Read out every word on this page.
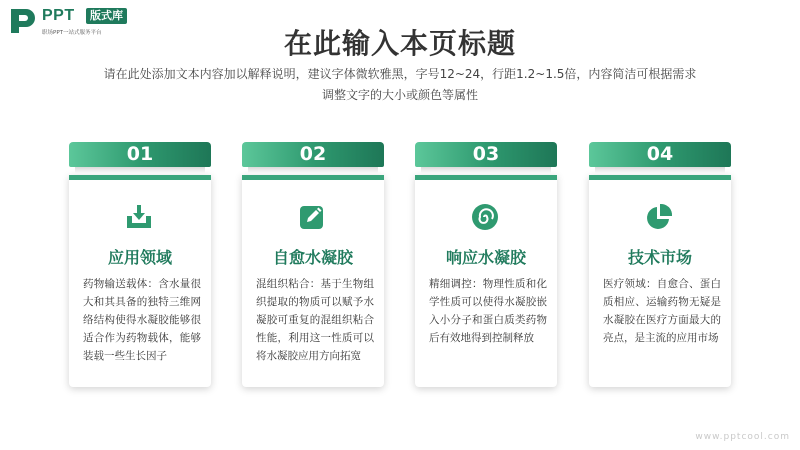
PPT	版式库
职场PPT一站式服务平台	在此输入本页标题
请在此处添加文本内容加以解释说明，建议字体微软雅黑，字号12~24，行距1.2~1.5倍，内容简洁可根据需求调整文字的大小或颜色等属性
01
应用领域
药物输送载体：含水量很大和其具备的独特三维网络结构使得水凝胶能够很适合作为药物载体，能够装载一些生长因子
02
自愈水凝胶
混组织粘合：基于生物组织提取的物质可以赋予水凝胶可重复的混组织粘合性能，利用这一性质可以将水凝胶应用方向拓宽
03
响应水凝胶
精细调控：物理性质和化学性质可以使得水凝胶嵌入小分子和蛋白质类药物后有效地得到控制释放
04
技术市场
医疗领域：自愈合、蛋白质相应、运输药物无疑是水凝胶在医疗方面最大的亮点，是主流的应用市场
www.pptcool.com
